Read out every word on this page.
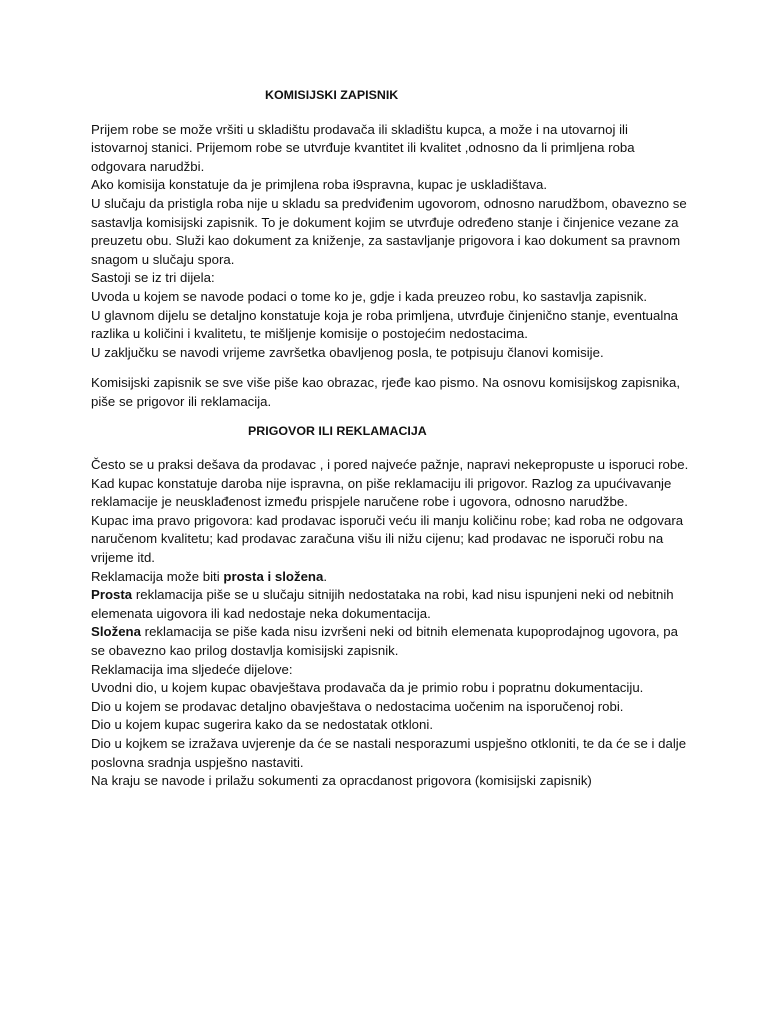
KOMISIJSKI ZAPISNIK
Prijem robe se može vršiti u skladištu prodavača ili skladištu kupca, a može i na utovarnoj ili
istovarnoj stanici. Prijemom robe se utvrđuje kvantitet ili kvalitet ,odnosno da li primljena roba
odgovara narudžbi.
Ako komisija konstatuje da je primjlena roba i9spravna, kupac je uskladištava.
U slučaju da pristigla roba nije u skladu sa predviđenim ugovorom, odnosno narudžbom, obavezno se
sastavlja komisijski zapisnik. To je dokument kojim se utvrđuje određeno stanje i činjenice vezane za
preuzetu obu. Služi kao dokument za kniženje, za sastavljanje prigovora i kao dokument sa pravnom
snagom u slučaju spora.
Sastoji se iz tri dijela:
Uvoda u kojem se navode podaci o tome ko je, gdje i kada preuzeo robu, ko sastavlja zapisnik.
U glavnom dijelu se detaljno konstatuje koja je roba primljena, utvrđuje činjenično stanje, eventualna
razlika u količini i kvalitetu, te mišljenje komisije o postojećim nedostacima.
U zaključku se navodi vrijeme završetka obavljenog posla, te potpisuju članovi komisije.
Komisijski zapisnik se sve više piše kao obrazac, rjeđe kao pismo. Na osnovu komisijskog zapisnika,
piše se prigovor ili reklamacija.
PRIGOVOR ILI REKLAMACIJA
Često se u praksi dešava da prodavac , i pored najveće pažnje, napravi nekepropuste u isporuci robe.
Kad kupac konstatuje daroba nije ispravna, on piše reklamaciju ili prigovor. Razlog za upućivavanje
reklamacije je neusklađenost između prispjele naručene robe i ugovora, odnosno narudžbe.
Kupac ima pravo prigovora: kad prodavac isporuči veću ili manju količinu robe; kad roba ne odgovara
naručenom kvalitetu; kad prodavac zaračuna višu ili nižu cijenu; kad prodavac ne isporuči robu na
vrijeme itd.
Reklamacija može biti prosta i složena.
Prosta reklamacija piše se u slučaju sitnijih nedostataka na robi, kad nisu ispunjeni neki od nebitnih
elemenata uigovora ili kad nedostaje neka dokumentacija.
Složena reklamacija se piše kada nisu izvršeni neki od bitnih elemenata kupoprodajnog ugovora, pa
se obavezno kao prilog dostavlja komisijski zapisnik.
Reklamacija ima sljedeće dijelove:
Uvodni dio, u kojem kupac obavještava prodavača da je primio robu i popratnu dokumentaciju.
Dio u kojem se prodavac detaljno obavještava o nedostacima uočenim na isporučenoj robi.
Dio u kojem kupac sugerira kako da se nedostatak otkloni.
Dio u kojkem se izražava uvjerenje da će se nastali nesporazumi uspješno otkloniti, te da će se i dalje
poslovna sradnja uspješno nastaviti.
Na kraju se navode i prilažu sokumenti za opracdanost prigovora (komisijski zapisnik)
